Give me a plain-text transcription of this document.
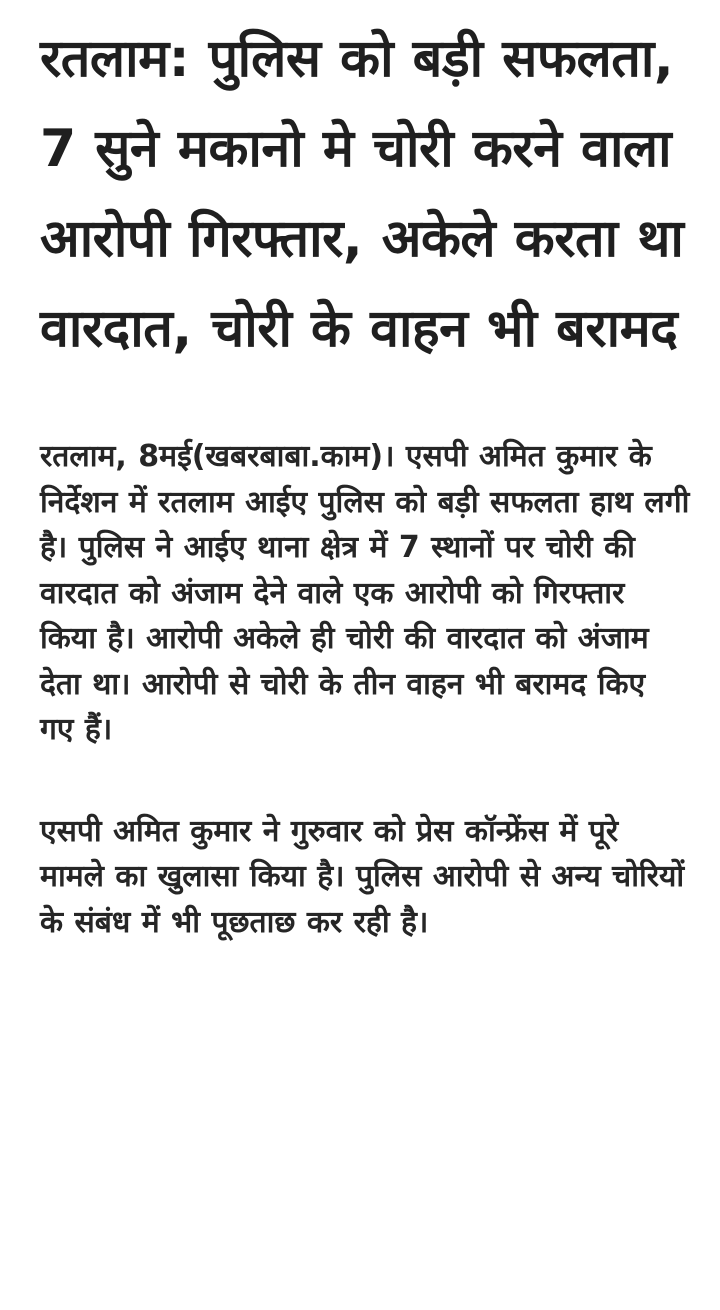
रतलाम: पुलिस को बड़ी सफलता, 7 सुने मकानो मे चोरी करने वाला आरोपी गिरफ्तार, अकेले करता था वारदात, चोरी के वाहन भी बरामद

रतलाम, 8मई(खबरबाबा.काम)। एसपी अमित कुमार के निर्देशन में रतलाम आईए पुलिस को बड़ी सफलता हाथ लगी है। पुलिस ने आईए थाना क्षेत्र में 7 स्थानों पर चोरी की वारदात को अंजाम देने वाले एक आरोपी को गिरफ्तार किया है। आरोपी अकेले ही चोरी की वारदात को अंजाम देता था। आरोपी से चोरी के तीन वाहन भी बरामद किए गए हैं।

एसपी अमित कुमार ने गुरुवार को प्रेस कॉन्फ्रेंस में पूरे मामले का खुलासा किया है। पुलिस आरोपी से अन्य चोरियों के संबंध में भी पूछताछ कर रही है।
